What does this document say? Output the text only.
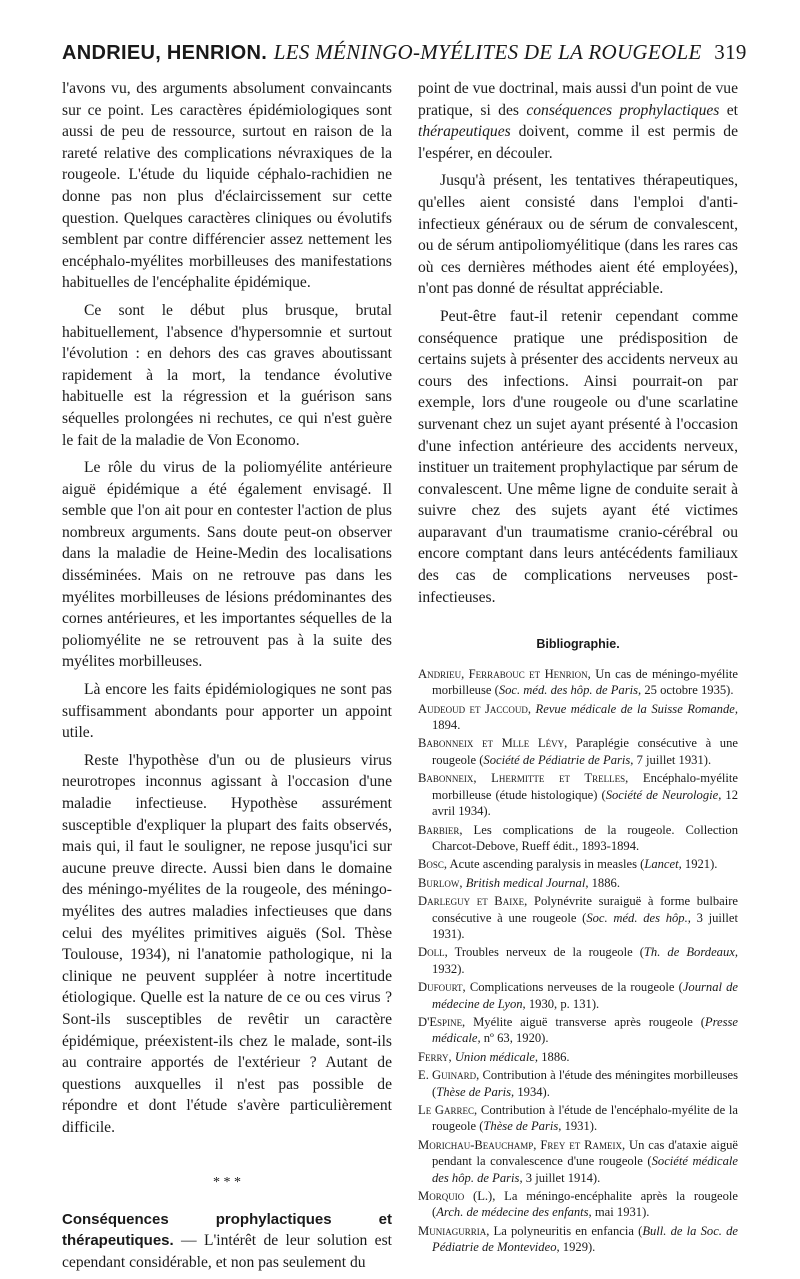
ANDRIEU, HENRION. LES MÉNINGO-MYÉLITES DE LA ROUGEOLE 319

l'avons vu, des arguments absolument convaincants sur ce point. Les caractères épidémiologiques sont aussi de peu de ressource, surtout en raison de la rareté relative des complications névraxiques de la rougeole. L'étude du liquide céphalo-rachidien ne donne pas non plus d'éclaircissement sur cette question. Quelques caractères cliniques ou évolutifs semblent par contre différencier assez nettement les encéphalo-myélites morbilleuses des manifestations habituelles de l'encéphalite épidémique.

Ce sont le début plus brusque, brutal habituellement, l'absence d'hypersomnie et surtout l'évolution : en dehors des cas graves aboutissant rapidement à la mort, la tendance évolutive habituelle est la régression et la guérison sans séquelles prolongées ni rechutes, ce qui n'est guère le fait de la maladie de Von Economo.

Le rôle du virus de la poliomyélite antérieure aiguë épidémique a été également envisagé. Il semble que l'on ait pour en contester l'action de plus nombreux arguments. Sans doute peut-on observer dans la maladie de Heine-Medin des localisations disséminées. Mais on ne retrouve pas dans les myélites morbilleuses de lésions prédominantes des cornes antérieures, et les importantes séquelles de la poliomyélite ne se retrouvent pas à la suite des myélites morbilleuses.

Là encore les faits épidémiologiques ne sont pas suffisamment abondants pour apporter un appoint utile.

Reste l'hypothèse d'un ou de plusieurs virus neurotropes inconnus agissant à l'occasion d'une maladie infectieuse. Hypothèse assurément susceptible d'expliquer la plupart des faits observés, mais qui, il faut le souligner, ne repose jusqu'ici sur aucune preuve directe. Aussi bien dans le domaine des méningo-myélites de la rougeole, des méningo-myélites des autres maladies infectieuses que dans celui des myélites primitives aiguës (Sol. Thèse Toulouse, 1934), ni l'anatomie pathologique, ni la clinique ne peuvent suppléer à notre incertitude étiologique. Quelle est la nature de ce ou ces virus ? Sont-ils susceptibles de revêtir un caractère épidémique, préexistent-ils chez le malade, sont-ils au contraire apportés de l'extérieur ? Autant de questions auxquelles il n'est pas possible de répondre et dont l'étude s'avère particulièrement difficile.

* * *

Conséquences prophylactiques et thérapeutiques. — L'intérêt de leur solution est cependant considérable, et non pas seulement du

point de vue doctrinal, mais aussi d'un point de vue pratique, si des conséquences prophylactiques et thérapeutiques doivent, comme il est permis de l'espérer, en découler.

Jusqu'à présent, les tentatives thérapeutiques, qu'elles aient consisté dans l'emploi d'anti-infectieux généraux ou de sérum de convalescent, ou de sérum antipoliomyélitique (dans les rares cas où ces dernières méthodes aient été employées), n'ont pas donné de résultat appréciable.

Peut-être faut-il retenir cependant comme conséquence pratique une prédisposition de certains sujets à présenter des accidents nerveux au cours des infections. Ainsi pourrait-on par exemple, lors d'une rougeole ou d'une scarlatine survenant chez un sujet ayant présenté à l'occasion d'une infection antérieure des accidents nerveux, instituer un traitement prophylactique par sérum de convalescent. Une même ligne de conduite serait à suivre chez des sujets ayant été victimes auparavant d'un traumatisme cranio-cérébral ou encore comptant dans leurs antécédents familiaux des cas de complications nerveuses post-infectieuses.

Bibliographie.
Andrieu, Ferrabouc et Henrion, Un cas de méningo-myélite morbilleuse (Soc. méd. des hôp. de Paris, 25 octobre 1935).
Audeoud et Jaccoud, Revue médicale de la Suisse Romande, 1894.
Babonneix et Mlle Lévy, Paraplégie consécutive à une rougeole (Société de Pédiatrie de Paris, 7 juillet 1931).
Babonneix, Lhermitte et Trelles, Encéphalo-myélite morbilleuse (étude histologique) (Société de Neurologie, 12 avril 1934).
Barbier, Les complications de la rougeole. Collection Charcot-Debove, Rueff édit., 1893-1894.
Bosc, Acute ascending paralysis in measles (Lancet, 1921).
Burlow, British medical Journal, 1886.
Darleguy et Baixe, Polynévrite suraiguë à forme bulbaire consécutive à une rougeole (Soc. méd. des hôp., 3 juillet 1931).
Doll, Troubles nerveux de la rougeole (Th. de Bordeaux, 1932).
Dufourt, Complications nerveuses de la rougeole (Journal de médecine de Lyon, 1930, p. 131).
D'Espine, Myélite aiguë transverse après rougeole (Presse médicale, nº 63, 1920).
Ferry, Union médicale, 1886.
E. Guinard, Contribution à l'étude des méningites morbilleuses (Thèse de Paris, 1934).
Le Garrec, Contribution à l'étude de l'encéphalo-myélite de la rougeole (Thèse de Paris, 1931).
Morichau-Beauchamp, Frey et Rameix, Un cas d'ataxie aiguë pendant la convalescence d'une rougeole (Société médicale des hôp. de Paris, 3 juillet 1914).
Morquio (L.), La méningo-encéphalite après la rougeole (Arch. de médecine des enfants, mai 1931).
Muniagurria, La polyneuritis en enfancia (Bull. de la Soc. de Pédiatrie de Montevideo, 1929).
